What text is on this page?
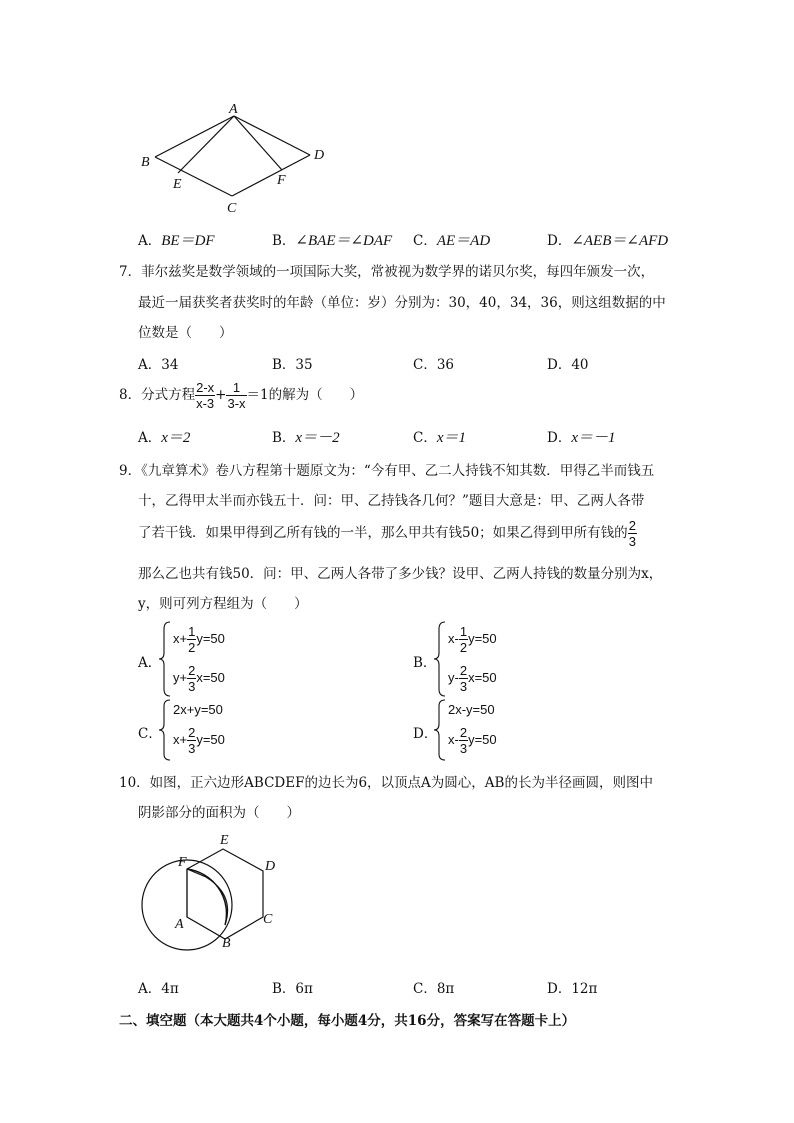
A
B
E
C
F
D
A．BE＝DF	B．∠BAE＝∠DAF C．AE＝AD	D．∠AEB＝∠AFD
7．菲尔兹奖是数学领域的一项国际大奖，常被视为数学界的诺贝尔奖，每四年颁发一次，
最近一届获奖者获奖时的年龄（单位：岁）分别为：30，40，34，36，则这组数据的中
位数是（　　）
A．34	B．35	C．36	D．40
8．分式方程 $\frac{2-x}{x-3} + \frac{1}{3-x} =1$的解为（　　）
A．x＝2	B．x＝－2	C．x＝1	D．x＝－1
9．《九章算术》卷八方程第十题原文为：“今有甲、乙二人持钱不知其数．甲得乙半而钱五
十，乙得甲太半而亦钱五十．问：甲、乙持钱各几何？”题目大意是：甲、乙两人各带
了若干钱．如果甲得到乙所有钱的一半，那么甲共有钱50；如果乙得到甲所有钱的 $\frac{2}{3}$
那么乙也共有钱50．问：甲、乙两人各带了多少钱？设甲、乙两人持钱的数量分别为x，
y，则可列方程组为（　　）
A．
$x+ \frac{1}{2} y=50$
$y+ \frac{2}{3} x=50$
B．
$x- \frac{1}{2} y=50$
$y- \frac{2}{3} x=50$
C．
2x+y=50
$x+ \frac{2}{3} y=50$	D．
2x-y=50
$x- \frac{2}{3} y=50$
10．如图，正六边形ABCDEF的边长为6，以顶点A为圆心，AB的长为半径画圆，则图中
阴影部分的面积为（　　）
E
F	D
C
A
B
A．4π	B．6π	C．8π	D．12π
二、填空题（本大题共4个小题，每小题4分，共16分，答案写在答题卡上）
